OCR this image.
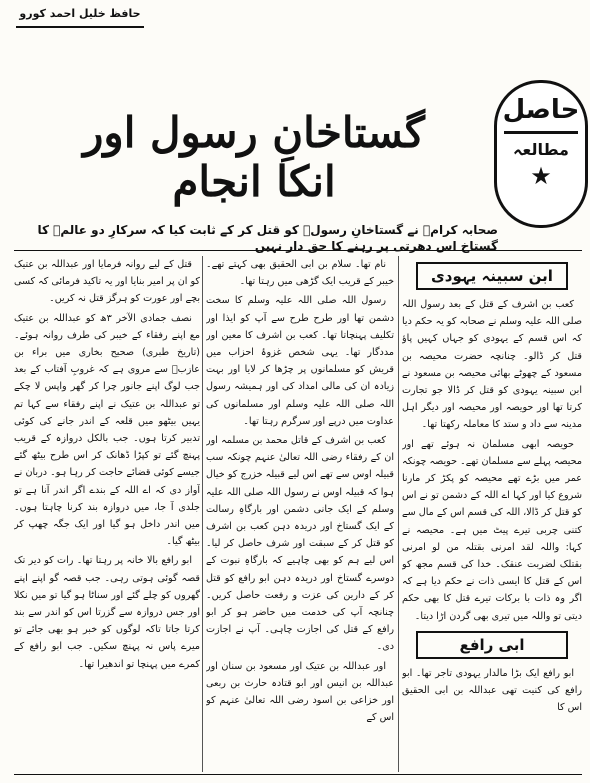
حافظ خلیل احمد کورو
حاصل
مطالعہ
★
گستاخانِ رسول اور انکا انجام
صحابہ کرامؓ نے گستاخانِ رسولؐ کو قتل کر کے ثابت کیا کہ سرکارِ دو عالمؐ کا گستاخ اس دھرتی پر رہنے کا حق دار نہیں
ابن سبینہ یہودی

کعب بن اشرف کے قتل کے بعد رسول اللہ صلی اللہ علیہ وسلم نے صحابہ کو یہ حکم دیا کہ اس قسم کے یہودی کو جہاں کہیں پاؤ قتل کر ڈالو۔ چنانچہ حضرت محیصہ بن مسعود کے چھوٹے بھائی محیصہ بن مسعود نے ابن سبینہ یہودی کو قتل کر ڈالا جو تجارت کرتا تھا اور حویصہ اور محیصہ اور دیگر اہل مدینہ سے داد و ستد کا معاملہ رکھتا تھا۔

حویصہ ابھی مسلمان نہ ہوئے تھے اور محیصہ پہلے سے مسلمان تھے۔ حویصہ چونکہ عمر میں بڑے تھے محیصہ کو پکڑ کر مارنا شروع کیا اور کہا اے اللہ کے دشمن تو نے اس کو قتل کر ڈالا، اللہ کی قسم اس کے مال سے کتنی چربی تیرے پیٹ میں ہے۔ محیصہ نے کہا: واللہ لقد امرنی بقتلہ من لو امرنی بقتلک لضربت عنقک۔ خدا کی قسم مجھ کو اس کے قتل کا ایسی ذات نے حکم دیا ہے کہ اگر وہ ذات با برکات تیرے قتل کا بھی حکم دیتی تو واللہ میں تیری بھی گردن اڑا دیتا۔

ابی رافع

ابو رافع ایک بڑا مالدار یہودی تاجر تھا۔ ابو رافع کی کنیت تھی عبداللہ بن ابی الحقیق اس کا

نام تھا۔ سلام بن ابی الحقیق بھی کہتے تھے۔ خیبر کے قریب ایک گڑھی میں رہتا تھا۔

رسول اللہ صلی اللہ علیہ وسلم کا سخت دشمن تھا اور طرح طرح سے آپ کو ایذا اور تکلیف پہنچاتا تھا۔ کعب بن اشرف کا معین اور مددگار تھا۔ یہی شخص غزوۂ احزاب میں قریش کو مسلمانوں پر چڑھا کر لایا اور بہت زیادہ ان کی مالی امداد کی اور ہمیشہ رسول اللہ صلی اللہ علیہ وسلم اور مسلمانوں کی عداوت میں درپے اور سرگرم رہتا تھا۔

کعب بن اشرف کے قاتل محمد بن مسلمہ اور ان کے رفقاء رضی اللہ تعالیٰ عنہم چونکہ سب قبیلہ اوس سے تھے اس لیے قبیلہ خزرج کو خیال ہوا کہ قبیلہ اوس نے رسول اللہ صلی اللہ علیہ وسلم کے ایک جانی دشمن اور بارگاہِ رسالت کے ایک گستاخ اور دریدہ دہن کعب بن اشرف کو قتل کر کے سبقت اور شرف حاصل کر لیا۔ اس لیے ہم کو بھی چاہیے کہ بارگاہِ نبوت کے دوسرے گستاخ اور دریدہ دہن ابو رافع کو قتل کر کے دارین کی عزت و رفعت حاصل کریں۔ چنانچہ آپ کی خدمت میں حاضر ہو کر ابو رافع کے قتل کی اجازت چاہی۔ آپ نے اجازت دی۔

اور عبداللہ بن عتیک اور مسعود بن سنان اور عبداللہ بن انیس اور ابو قتادہ حارث بن ربعی اور خزاعی بن اسود رضی اللہ تعالیٰ عنہم کو اس کے

قتل کے لیے روانہ فرمایا اور عبداللہ بن عتیک کو ان پر امیر بنایا اور یہ تاکید فرمائی کہ کسی بچے اور عورت کو ہرگز قتل نہ کریں۔

نصف جمادی الآخر ۳ھ کو عبداللہ بن عتیک مع اپنے رفقاء کے خیبر کی طرف روانہ ہوئے۔ (تاریخ طبری) صحیح بخاری میں براء بن عازبؓ سے مروی ہے کہ غروبِ آفتاب کے بعد جب لوگ اپنے جانور چرا کر گھر واپس لا چکے تو عبداللہ بن عتیک نے اپنے رفقاء سے کہا تم یہیں بیٹھو میں قلعہ کے اندر جانے کی کوئی تدبیر کرتا ہوں۔ جب بالکل دروازہ کے قریب پہنچ گئے تو کپڑا ڈھانک کر اس طرح بیٹھ گئے جیسے کوئی قضائے حاجت کر رہا ہو۔ دربان نے آواز دی کہ اے اللہ کے بندے اگر اندر آنا ہے تو جلدی آ جا، میں دروازہ بند کرنا چاہتا ہوں۔ میں اندر داخل ہو گیا اور ایک جگہ چھپ کر بیٹھ گیا۔

ابو رافع بالا خانہ پر رہتا تھا۔ رات کو دیر تک قصہ گوئی ہوتی رہی۔ جب قصہ گو اپنے اپنے گھروں کو چلے گئے اور سناٹا ہو گیا تو میں نکلا اور جس دروازہ سے گزرتا اس کو اندر سے بند کرتا جاتا تاکہ لوگوں کو خبر ہو بھی جائے تو میرے پاس نہ پہنچ سکیں۔ جب ابو رافع کے کمرے میں پہنچا تو اندھیرا تھا۔
